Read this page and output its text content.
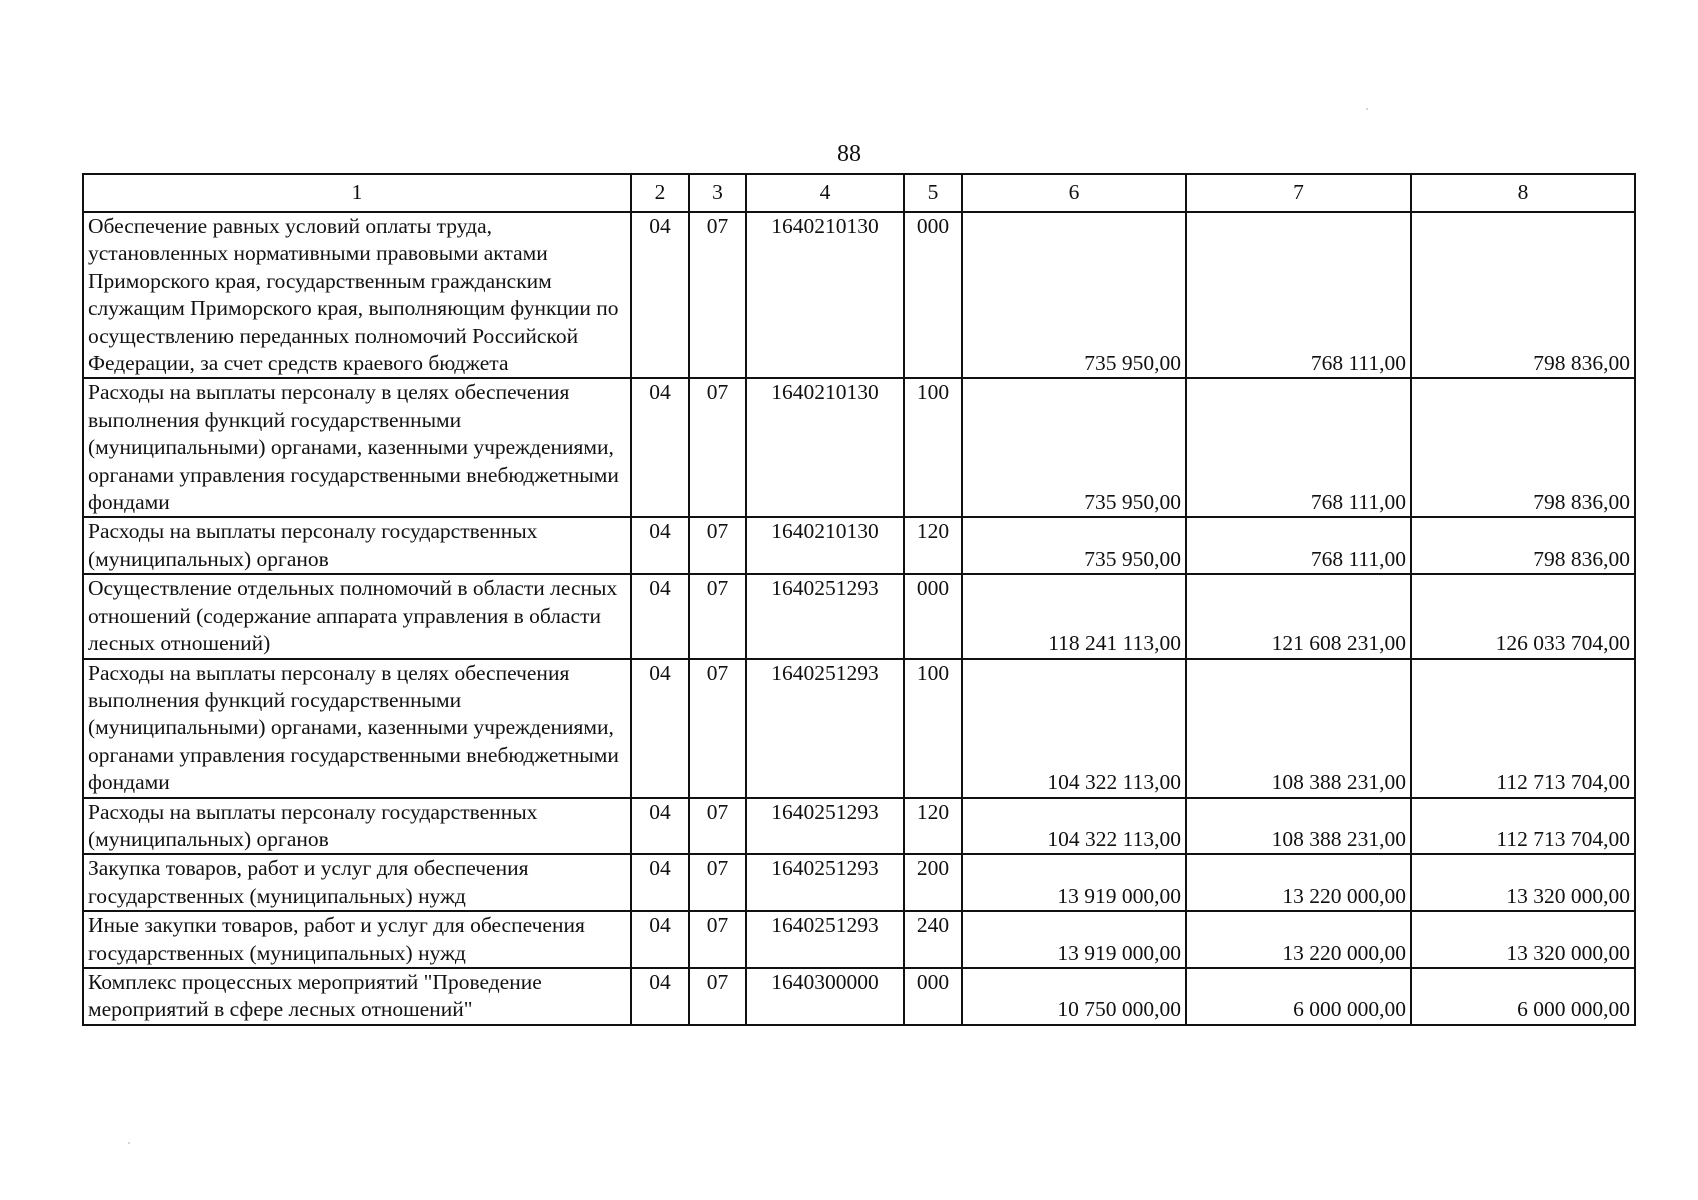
88
1	2	3	4	5	6	7	8
Обеспечение равных условий оплаты труда, установленных нормативными правовыми актами Приморского края, государственным гражданским служащим Приморского края, выполняющим функции по осуществлению переданных полномочий Российской Федерации, за счет средств краевого бюджета	04	07	1640210130	000	735 950,00	768 111,00	798 836,00
Расходы на выплаты персоналу в целях обеспечения выполнения функций государственными (муниципальными) органами, казенными учреждениями, органами управления государственными внебюджетными фондами	04	07	1640210130	100	735 950,00	768 111,00	798 836,00
Расходы на выплаты персоналу государственных (муниципальных) органов	04	07	1640210130	120	735 950,00	768 111,00	798 836,00
Осуществление отдельных полномочий в области лесных отношений (содержание аппарата управления в области лесных отношений)	04	07	1640251293	000	118 241 113,00	121 608 231,00	126 033 704,00
Расходы на выплаты персоналу в целях обеспечения выполнения функций государственными (муниципальными) органами, казенными учреждениями, органами управления государственными внебюджетными фондами	04	07	1640251293	100	104 322 113,00	108 388 231,00	112 713 704,00
Расходы на выплаты персоналу государственных (муниципальных) органов	04	07	1640251293	120	104 322 113,00	108 388 231,00	112 713 704,00
Закупка товаров, работ и услуг для обеспечения государственных (муниципальных) нужд	04	07	1640251293	200	13 919 000,00	13 220 000,00	13 320 000,00
Иные закупки товаров, работ и услуг для обеспечения государственных (муниципальных) нужд	04	07	1640251293	240	13 919 000,00	13 220 000,00	13 320 000,00
Комплекс процессных мероприятий "Проведение мероприятий в сфере лесных отношений"	04	07	1640300000	000	10 750 000,00	6 000 000,00	6 000 000,00
